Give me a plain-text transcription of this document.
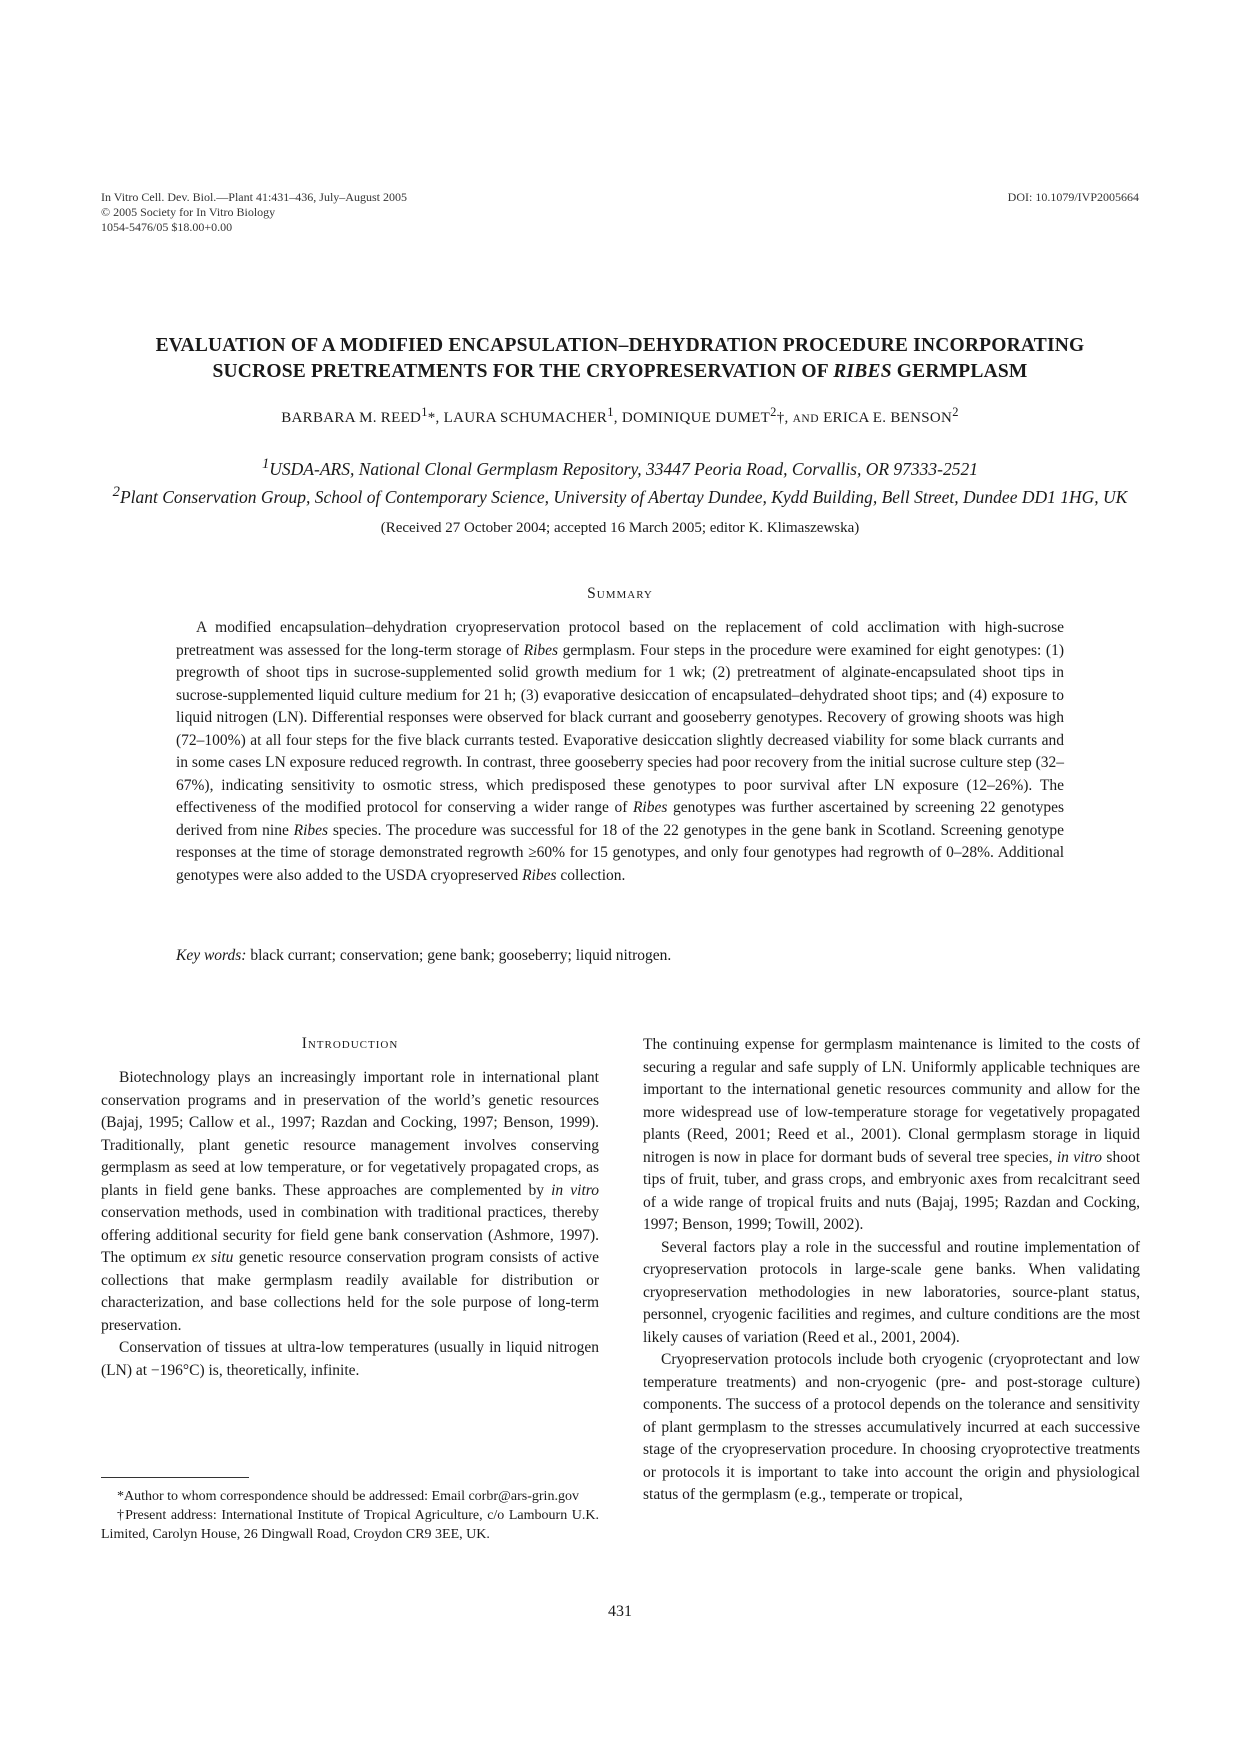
In Vitro Cell. Dev. Biol.—Plant 41:431–436, July–August 2005
© 2005 Society for In Vitro Biology
1054-5476/05 $18.00+0.00
DOI: 10.1079/IVP2005664
EVALUATION OF A MODIFIED ENCAPSULATION–DEHYDRATION PROCEDURE INCORPORATING
SUCROSE PRETREATMENTS FOR THE CRYOPRESERVATION OF RIBES GERMPLASM
BARBARA M. REED$^1$*, LAURA SCHUMACHER$^1$, DOMINIQUE DUMET$^2$†, AND ERICA E. BENSON$^2$
$^1$USDA-ARS, National Clonal Germplasm Repository, 33447 Peoria Road, Corvallis, OR 97333-2521
$^2$Plant Conservation Group, School of Contemporary Science, University of Abertay Dundee, Kydd Building, Bell Street, Dundee DD1 1HG, UK
(Received 27 October 2004; accepted 16 March 2005; editor K. Klimaszewska)
Summary

A modified encapsulation–dehydration cryopreservation protocol based on the replacement of cold acclimation with high-sucrose pretreatment was assessed for the long-term storage of Ribes germplasm. Four steps in the procedure were examined for eight genotypes: (1) pregrowth of shoot tips in sucrose-supplemented solid growth medium for 1 wk; (2) pretreatment of alginate-encapsulated shoot tips in sucrose-supplemented liquid culture medium for 21 h; (3) evaporative desiccation of encapsulated–dehydrated shoot tips; and (4) exposure to liquid nitrogen (LN). Differential responses were observed for black currant and gooseberry genotypes. Recovery of growing shoots was high (72–100%) at all four steps for the five black currants tested. Evaporative desiccation slightly decreased viability for some black currants and in some cases LN exposure reduced regrowth. In contrast, three gooseberry species had poor recovery from the initial sucrose culture step (32–67%), indicating sensitivity to osmotic stress, which predisposed these genotypes to poor survival after LN exposure (12–26%). The effectiveness of the modified protocol for conserving a wider range of Ribes genotypes was further ascertained by screening 22 genotypes derived from nine Ribes species. The procedure was successful for 18 of the 22 genotypes in the gene bank in Scotland. Screening genotype responses at the time of storage demonstrated regrowth ≥60% for 15 genotypes, and only four genotypes had regrowth of 0–28%. Additional genotypes were also added to the USDA cryopreserved Ribes collection.

Key words: black currant; conservation; gene bank; gooseberry; liquid nitrogen.
Introduction

Biotechnology plays an increasingly important role in international plant conservation programs and in preservation of the world’s genetic resources (Bajaj, 1995; Callow et al., 1997; Razdan and Cocking, 1997; Benson, 1999). Traditionally, plant genetic resource management involves conserving germplasm as seed at low temperature, or for vegetatively propagated crops, as plants in field gene banks. These approaches are complemented by in vitro conservation methods, used in combination with traditional practices, thereby offering additional security for field gene bank conservation (Ashmore, 1997). The optimum ex situ genetic resource conservation program consists of active collections that make germplasm readily available for distribution or characterization, and base collections held for the sole purpose of long-term preservation.

Conservation of tissues at ultra-low temperatures (usually in liquid nitrogen (LN) at −196°C) is, theoretically, infinite.

The continuing expense for germplasm maintenance is limited to the costs of securing a regular and safe supply of LN. Uniformly applicable techniques are important to the international genetic resources community and allow for the more widespread use of low-temperature storage for vegetatively propagated plants (Reed, 2001; Reed et al., 2001). Clonal germplasm storage in liquid nitrogen is now in place for dormant buds of several tree species, in vitro shoot tips of fruit, tuber, and grass crops, and embryonic axes from recalcitrant seed of a wide range of tropical fruits and nuts (Bajaj, 1995; Razdan and Cocking, 1997; Benson, 1999; Towill, 2002).

Several factors play a role in the successful and routine implementation of cryopreservation protocols in large-scale gene banks. When validating cryopreservation methodologies in new laboratories, source-plant status, personnel, cryogenic facilities and regimes, and culture conditions are the most likely causes of variation (Reed et al., 2001, 2004).

Cryopreservation protocols include both cryogenic (cryoprotectant and low temperature treatments) and non-cryogenic (pre- and post-storage culture) components. The success of a protocol depends on the tolerance and sensitivity of plant germplasm to the stresses accumulatively incurred at each successive stage of the cryopreservation procedure. In choosing cryoprotective treatments or protocols it is important to take into account the origin and physiological status of the germplasm (e.g., temperate or tropical,

*Author to whom correspondence should be addressed: Email corbr@ars-grin.gov

†Present address: International Institute of Tropical Agriculture, c/o Lambourn U.K. Limited, Carolyn House, 26 Dingwall Road, Croydon CR9 3EE, UK.

431
